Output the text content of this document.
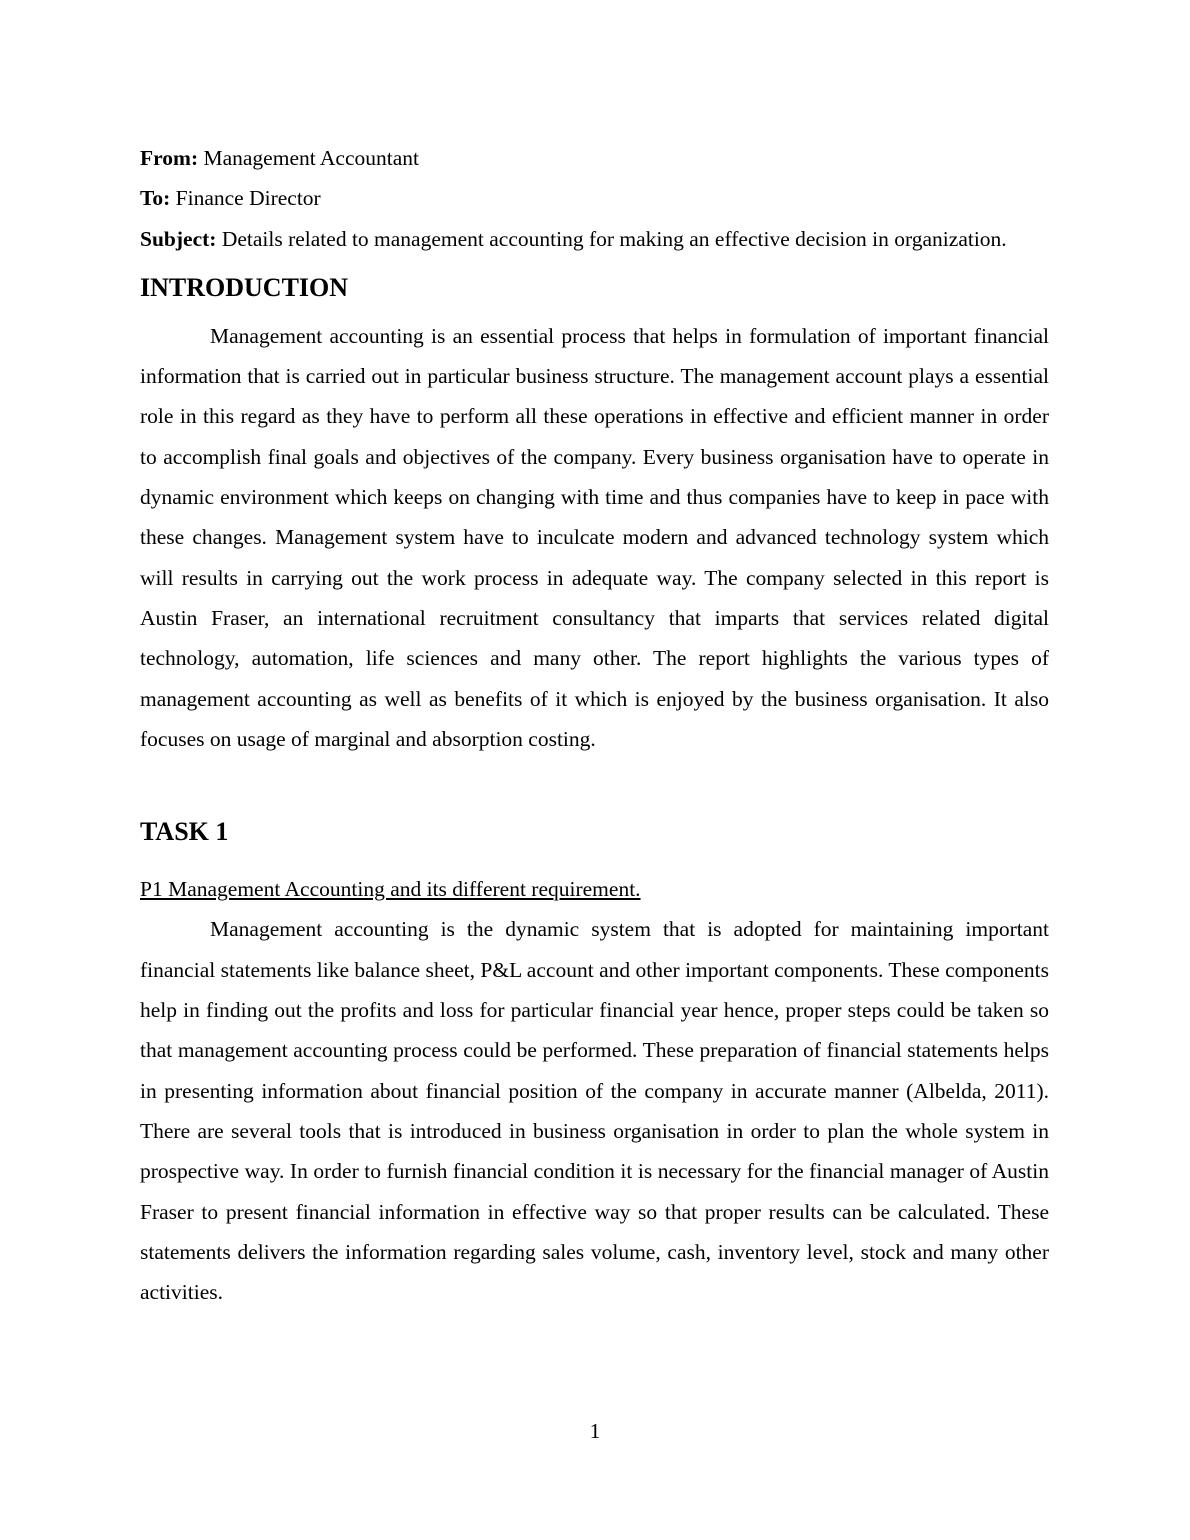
From: Management Accountant

To: Finance Director

Subject: Details related to management accounting for making an effective decision in organization.

INTRODUCTION

Management accounting is an essential process that helps in formulation of important financial information that is carried out in particular business structure. The management account plays a essential role in this regard as they have to perform all these operations in effective and efficient manner in order to accomplish final goals and objectives of the company. Every business organisation have to operate in dynamic environment which keeps on changing with time and thus companies have to keep in pace with these changes. Management system have to inculcate modern and advanced technology system which will results in carrying out the work process in adequate way. The company selected in this report is Austin Fraser, an international recruitment consultancy that imparts that services related digital technology, automation, life sciences and many other. The report highlights the various types of management accounting as well as benefits of it which is enjoyed by the business organisation. It also focuses on usage of marginal and absorption costing.

TASK 1

P1 Management Accounting and its different requirement.

Management accounting is the dynamic system that is adopted for maintaining important financial statements like balance sheet, P&L account and other important components. These components help in finding out the profits and loss for particular financial year hence, proper steps could be taken so that management accounting process could be performed. These preparation of financial statements helps in presenting information about financial position of the company in accurate manner (Albelda, 2011). There are several tools that is introduced in business organisation in order to plan the whole system in prospective way. In order to furnish financial condition it is necessary for the financial manager of Austin Fraser to present financial information in effective way so that proper results can be calculated. These statements delivers the information regarding sales volume, cash, inventory level, stock and many other activities.

1
